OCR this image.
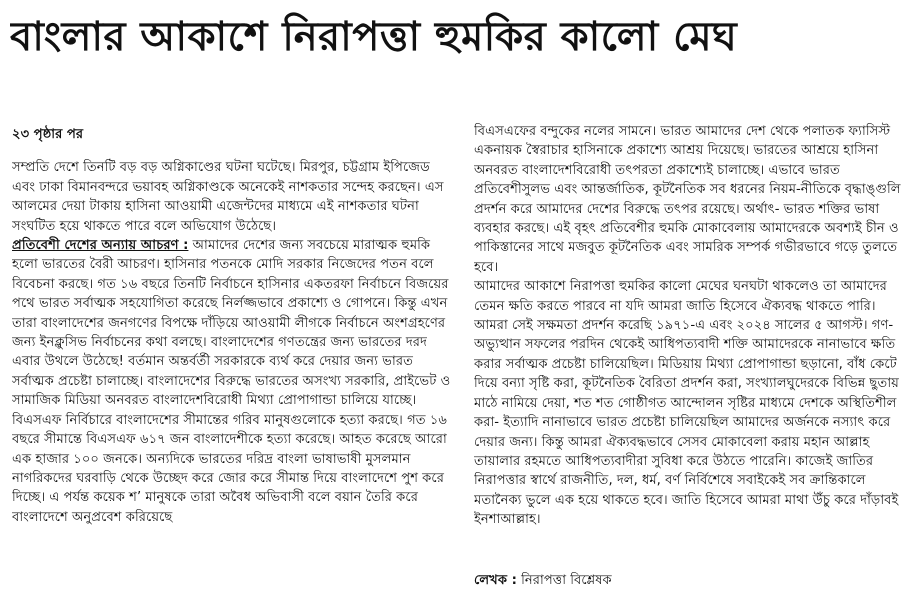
বাংলার আকাশে নিরাপত্তা হুমকির কালো মেঘ

২৩ পৃষ্ঠার পর

সম্প্রতি দেশে তিনটি বড় বড় অগ্নিকাণ্ডের ঘটনা ঘটেছে। মিরপুর, চট্টগ্রাম ইপিজেড এবং ঢাকা বিমানবন্দরে ভয়াবহ অগ্নিকাণ্ডকে অনেকেই নাশকতার সন্দেহ করছেন। এস আলমের দেয়া টাকায় হাসিনা আওয়ামী এজেন্টদের মাধ্যমে এই নাশকতার ঘটনা সংঘটিত হয়ে থাকতে পারে বলে অভিযোগ উঠেছে।

প্রতিবেশী দেশের অন্যায় আচরণ : আমাদের দেশের জন্য সবচেয়ে মারাত্মক হুমকি হলো ভারতের বৈরী আচরণ। হাসিনার পতনকে মোদি সরকার নিজেদের পতন বলে বিবেচনা করছে। গত ১৬ বছরে তিনটি নির্বাচনে হাসিনার একতরফা নির্বাচনে বিজয়ের পথে ভারত সর্বাত্মক সহযোগিতা করেছে নির্লজ্জভাবে প্রকাশ্যে ও গোপনে। কিন্তু এখন তারা বাংলাদেশের জনগণের বিপক্ষে দাঁড়িয়ে আওয়ামী লীগকে নির্বাচনে অংশগ্রহণের জন্য ইনক্লুসিভ নির্বাচনের কথা বলছে। বাংলাদেশের গণতন্ত্রের জন্য ভারতের দরদ এবার উথলে উঠেছে! বর্তমান অন্তর্বর্তী সরকারকে ব্যর্থ করে দেয়ার জন্য ভারত সর্বাত্মক প্রচেষ্টা চালাচ্ছে। বাংলাদেশের বিরুদ্ধে ভারতের অসংখ্য সরকারি, প্রাইভেট ও সামাজিক মিডিয়া অনবরত বাংলাদেশবিরোধী মিথ্যা প্রোপাগান্ডা চালিয়ে যাচ্ছে। বিএসএফ নির্বিচারে বাংলাদেশের সীমান্তের গরিব মানুষগুলোকে হত্যা করছে। গত ১৬ বছরে সীমান্তে বিএসএফ ৬১৭ জন বাংলাদেশীকে হত্যা করেছে। আহত করেছে আরো এক হাজার ১০০ জনকে। অন্যদিকে ভারতের দরিদ্র বাংলা ভাষাভাষী মুসলমান নাগরিকদের ঘরবাড়ি থেকে উচ্ছেদ করে জোর করে সীমান্ত দিয়ে বাংলাদেশে পুশ করে দিচ্ছে। এ পর্যন্ত কয়েক শ’ মানুষকে তারা অবৈধ অভিবাসী বলে বয়ান তৈরি করে বাংলাদেশে অনুপ্রবেশ করিয়েছে

বিএসএফের বন্দুকের নলের সামনে। ভারত আমাদের দেশ থেকে পলাতক ফ্যাসিস্ট একনায়ক স্বৈরাচার হাসিনাকে প্রকাশ্যে আশ্রয় দিয়েছে। ভারতের আশ্রয়ে হাসিনা অনবরত বাংলাদেশবিরোধী তৎপরতা প্রকাশ্যেই চালাচ্ছে। এভাবে ভারত প্রতিবেশীসুলভ এবং আন্তর্জাতিক, কূটনৈতিক সব ধরনের নিয়ম-নীতিকে বৃদ্ধাঙ্গুলি প্রদর্শন করে আমাদের দেশের বিরুদ্ধে তৎপর রয়েছে। অর্থাৎ- ভারত শক্তির ভাষা ব্যবহার করছে। এই বৃহৎ প্রতিবেশীর হুমকি মোকাবেলায় আমাদেরকে অবশ্যই চীন ও পাকিস্তানের সাথে মজবুত কূটনৈতিক এবং সামরিক সম্পর্ক গভীরভাবে গড়ে তুলতে হবে।

আমাদের আকাশে নিরাপত্তা হুমকির কালো মেঘের ঘনঘটা থাকলেও তা আমাদের তেমন ক্ষতি করতে পারবে না যদি আমরা জাতি হিসেবে ঐক্যবদ্ধ থাকতে পারি। আমরা সেই সক্ষমতা প্রদর্শন করেছি ১৯৭১-এ এবং ২০২৪ সালের ৫ আগস্ট। গণ-অভ্যুত্থান সফলের পরদিন থেকেই আধিপত্যবাদী শক্তি আমাদেরকে নানাভাবে ক্ষতি করার সর্বাত্মক প্রচেষ্টা চালিয়েছিল। মিডিয়ায় মিথ্যা প্রোপাগান্ডা ছড়ানো, বাঁধ কেটে দিয়ে বন্যা সৃষ্টি করা, কূটনৈতিক বৈরিতা প্রদর্শন করা, সংখ্যালঘুদেরকে বিভিন্ন ছুতায় মাঠে নামিয়ে দেয়া, শত শত গোষ্ঠীগত আন্দোলন সৃষ্টির মাধ্যমে দেশকে অস্থিতিশীল করা- ইত্যাদি নানাভাবে ভারত প্রচেষ্টা চালিয়েছিল আমাদের অর্জনকে নস্যাৎ করে দেয়ার জন্য। কিন্তু আমরা ঐক্যবদ্ধভাবে সেসব মোকাবেলা করায় মহান আল্লাহ তায়ালার রহমতে আধিপত্যবাদীরা সুবিধা করে উঠতে পারেনি। কাজেই জাতির নিরাপত্তার স্বার্থে রাজনীতি, দল, ধর্ম, বর্ণ নির্বিশেষে সবাইকেই সব ক্রান্তিকালে মতানৈক্য ভুলে এক হয়ে থাকতে হবে। জাতি হিসেবে আমরা মাথা উঁচু করে দাঁড়াবই ইনশাআল্লাহ।

লেখক : নিরাপত্তা বিশ্লেষক
